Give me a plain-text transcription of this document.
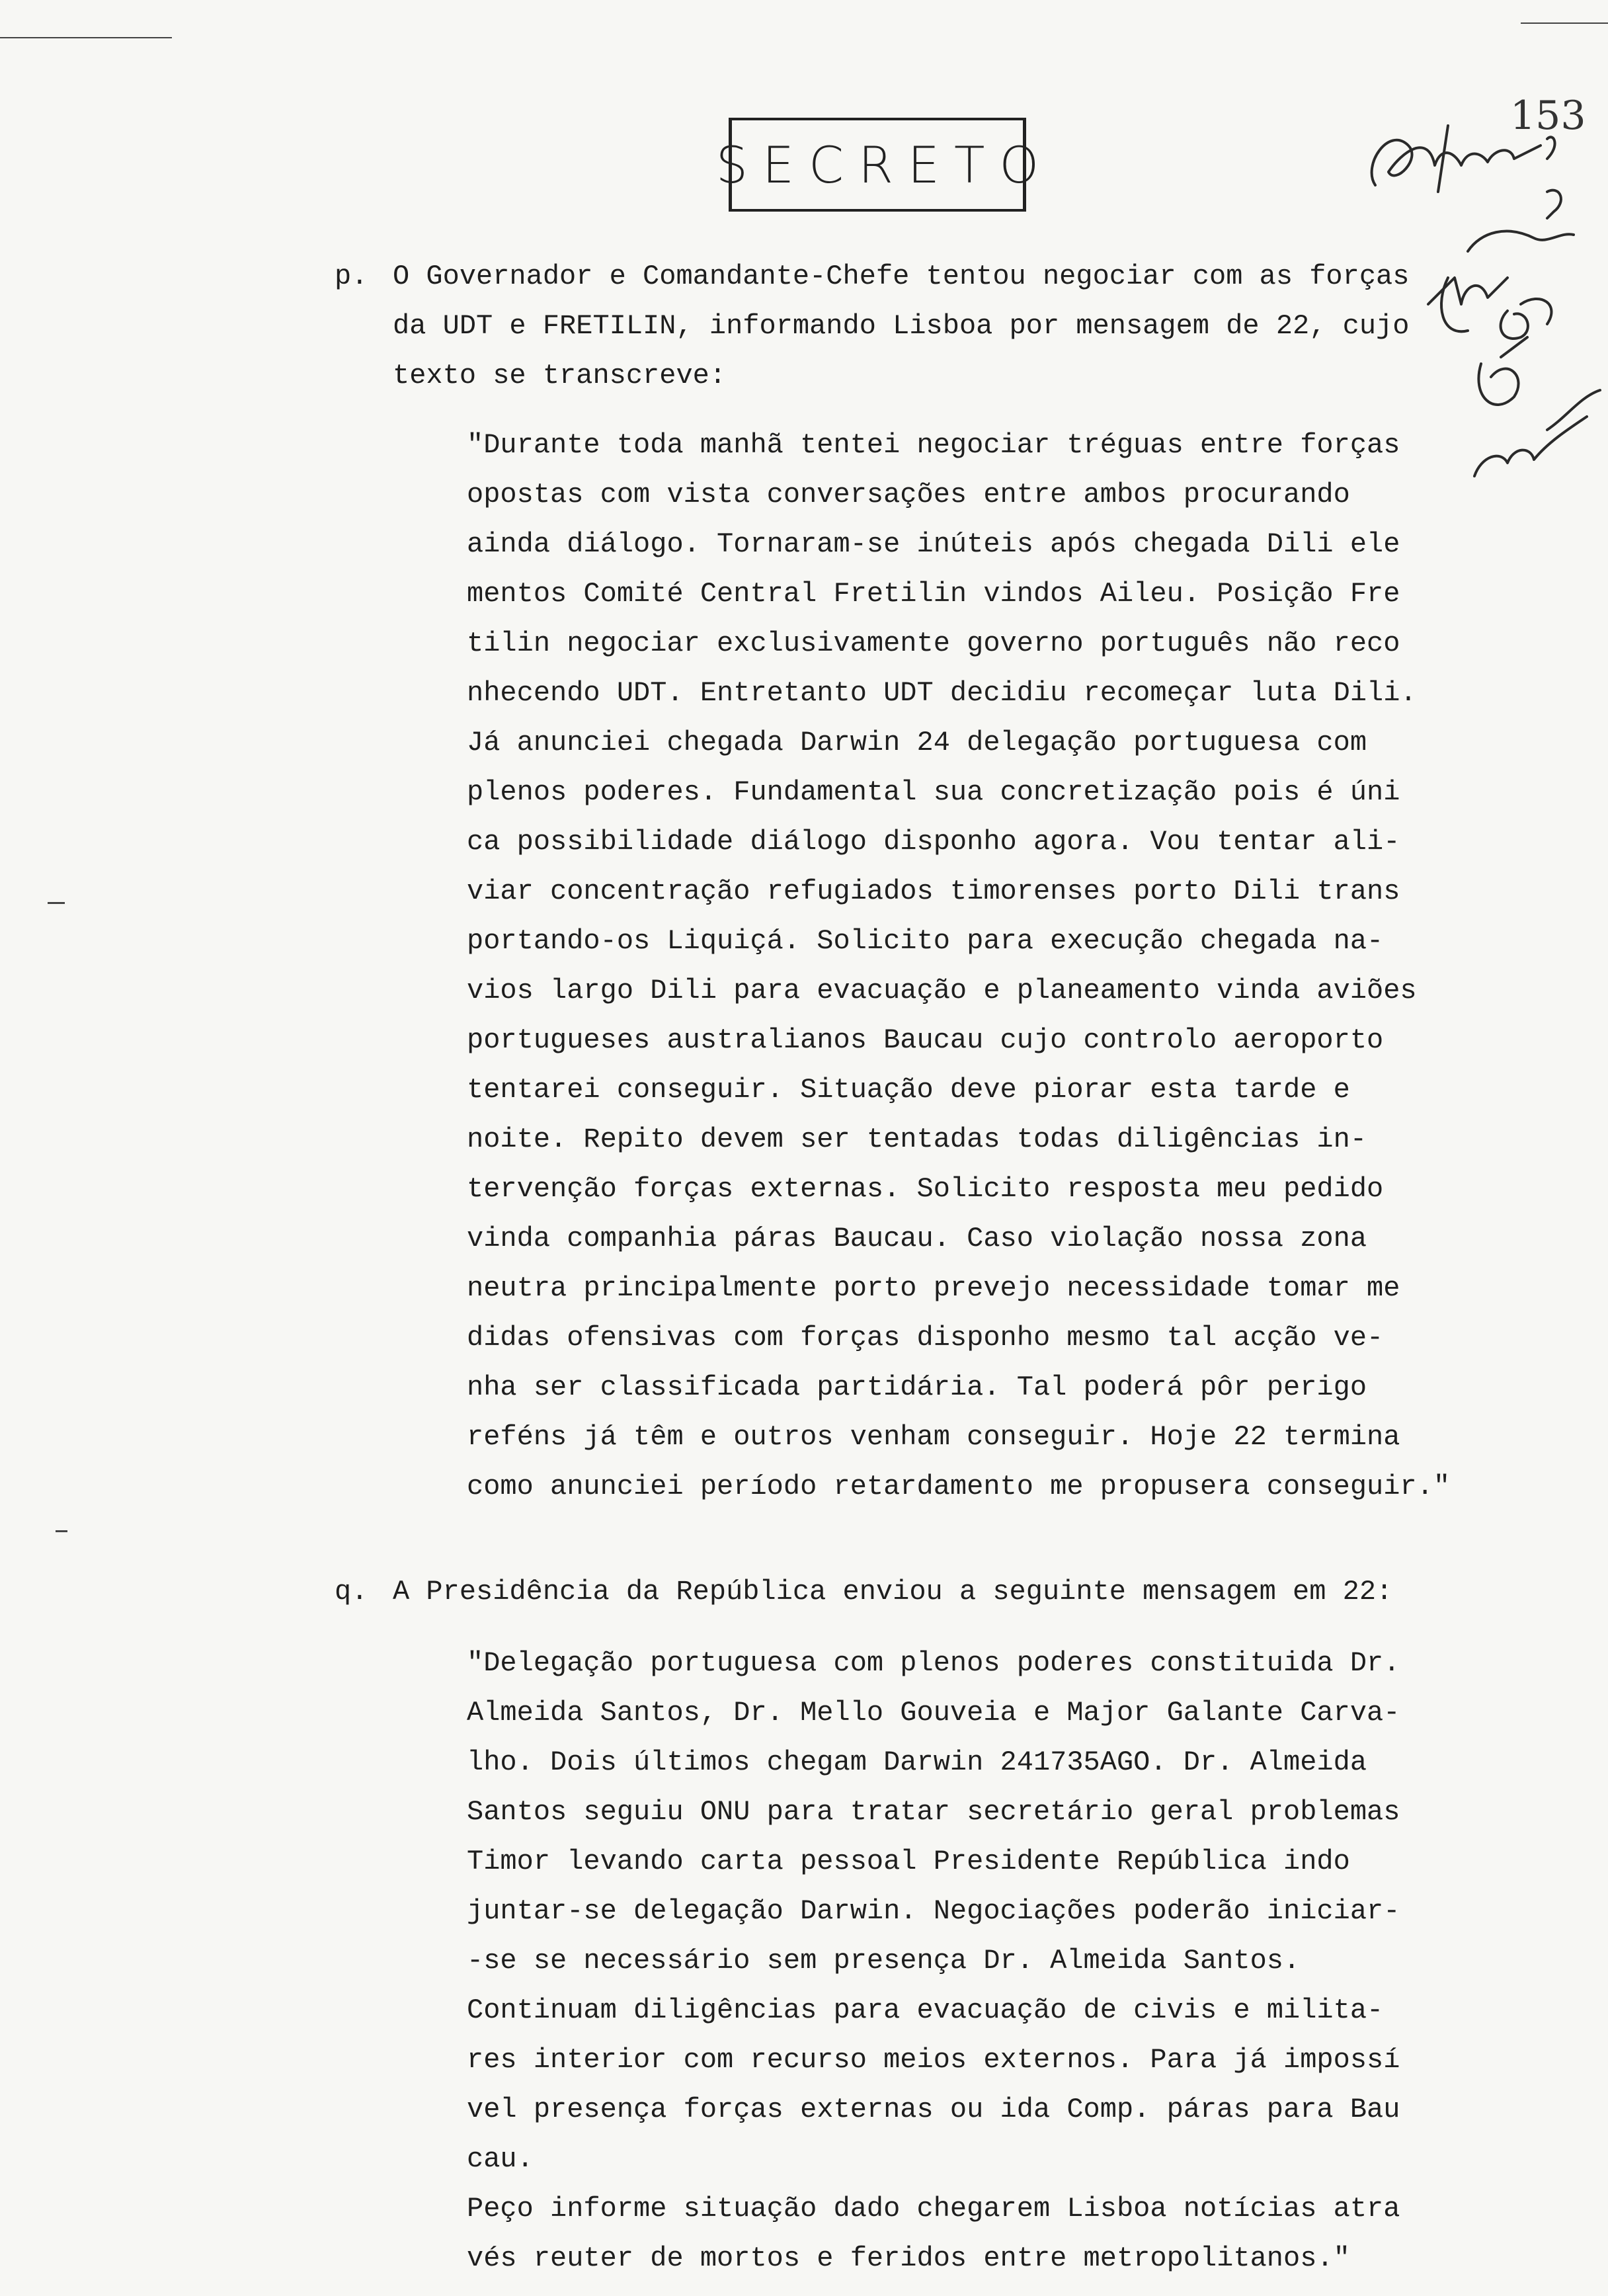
SECRETO
153
p. O Governador e Comandante-Chefe tentou negociar com as forças
da UDT e FRETILIN, informando Lisboa por mensagem de 22, cujo
texto se transcreve:
"Durante toda manhã tentei negociar tréguas entre forças
opostas com vista conversações entre ambos procurando
ainda diálogo. Tornaram-se inúteis após chegada Dili ele
mentos Comité Central Fretilin vindos Aileu. Posição Fre
tilin negociar exclusivamente governo português não reco
nhecendo UDT. Entretanto UDT decidiu recomeçar luta Dili.
Já anunciei chegada Darwin 24 delegação portuguesa com
plenos poderes. Fundamental sua concretização pois é úni
ca possibilidade diálogo disponho agora. Vou tentar ali-
viar concentração refugiados timorenses porto Dili trans
portando-os Liquiçá. Solicito para execução chegada na-
vios largo Dili para evacuação e planeamento vinda aviões
portugueses australianos Baucau cujo controlo aeroporto
tentarei conseguir. Situação deve piorar esta tarde e
noite. Repito devem ser tentadas todas diligências in-
tervenção forças externas. Solicito resposta meu pedido
vinda companhia páras Baucau. Caso violação nossa zona
neutra principalmente porto prevejo necessidade tomar me
didas ofensivas com forças disponho mesmo tal acção ve-
nha ser classificada partidária. Tal poderá pôr perigo
reféns já têm e outros venham conseguir. Hoje 22 termina
como anunciei período retardamento me propusera conseguir."
q. A Presidência da República enviou a seguinte mensagem em 22:
"Delegação portuguesa com plenos poderes constituida Dr.
Almeida Santos, Dr. Mello Gouveia e Major Galante Carva-
lho. Dois últimos chegam Darwin 241735AGO. Dr. Almeida
Santos seguiu ONU para tratar secretário geral problemas
Timor levando carta pessoal Presidente República indo
juntar-se delegação Darwin. Negociações poderão iniciar-
-se se necessário sem presença Dr. Almeida Santos.
Continuam diligências para evacuação de civis e milita-
res interior com recurso meios externos. Para já impossí
vel presença forças externas ou ida Comp. páras para Bau
cau.
Peço informe situação dado chegarem Lisboa notícias atra
vés reuter de mortos e feridos entre metropolitanos."
